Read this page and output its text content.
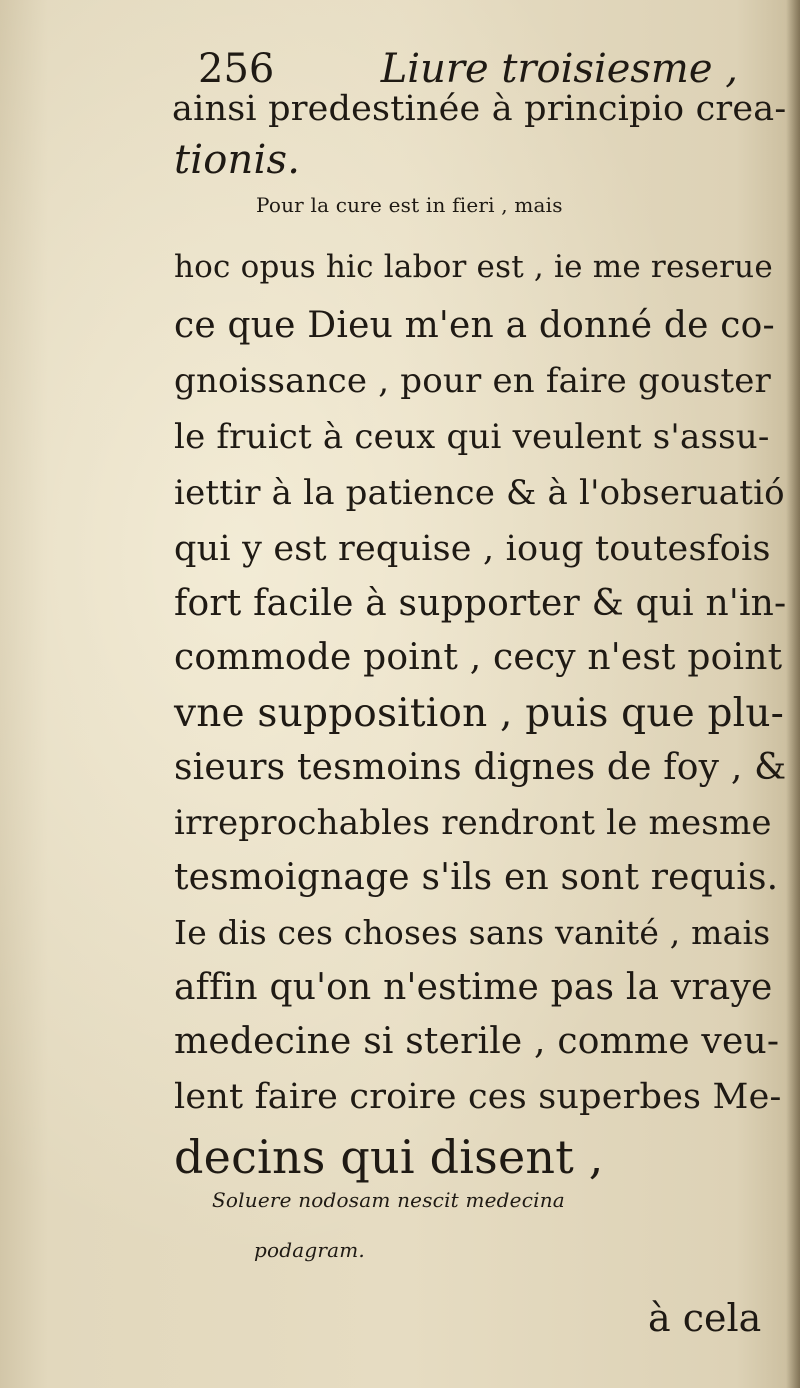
256	Liure troisiesme ,
ainsi predestinée à principio crea-
tionis.
Pour la cure est in fieri , mais
hoc opus hic labor est , ie me reserue
ce que Dieu m'en a donné de co-
gnoissance , pour en faire gouster
le fruict à ceux qui veulent s'assu-
iettir à la patience & à l'obseruatió
qui y est requise , ioug toutesfois
fort facile à supporter & qui n'in-
commode point , cecy n'est point
vne supposition , puis que plu-
sieurs tesmoins dignes de foy , &
irreprochables rendront le mesme
tesmoignage s'ils en sont requis.
Ie dis ces choses sans vanité , mais
affin qu'on n'estime pas la vraye
medecine si sterile , comme veu-
lent faire croire ces superbes Me-
decins qui disent ,
Soluere nodosam nescit medecina
podagram.
à cela
